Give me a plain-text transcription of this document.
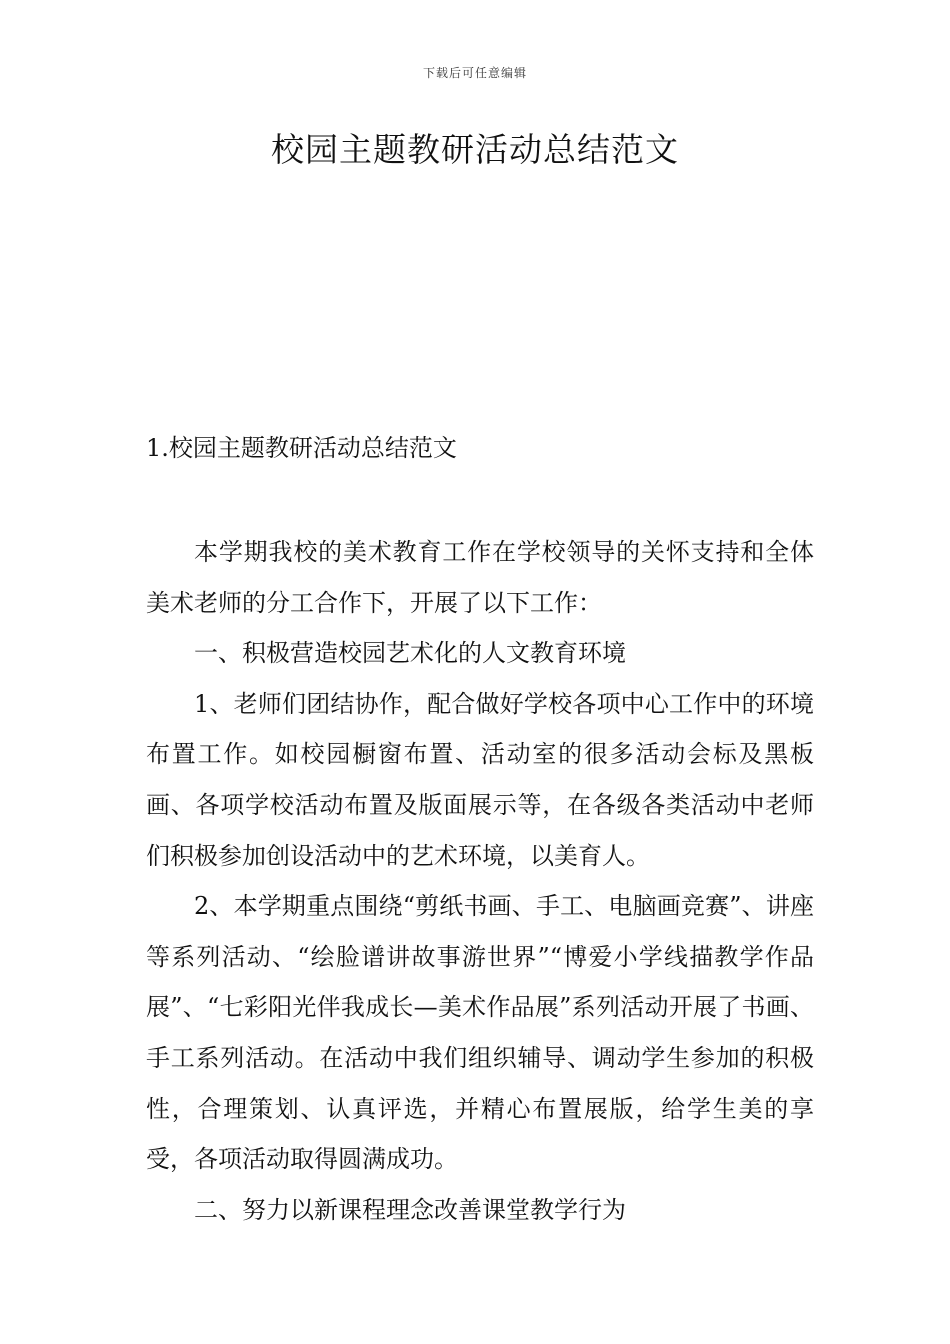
下载后可任意编辑
校园主题教研活动总结范文
1.校园主题教研活动总结范文

本学期我校的美术教育工作在学校领导的关怀支持和全体美术老师的分工合作下，开展了以下工作：

一、积极营造校园艺术化的人文教育环境

1、老师们团结协作，配合做好学校各项中心工作中的环境布置工作。如校园橱窗布置、活动室的很多活动会标及黑板画、各项学校活动布置及版面展示等，在各级各类活动中老师们积极参加创设活动中的艺术环境，以美育人。

2、本学期重点围绕“剪纸书画、手工、电脑画竞赛”、讲座等系列活动、“绘脸谱讲故事游世界”“博爱小学线描教学作品展”、“七彩阳光伴我成长—美术作品展”系列活动开展了书画、手工系列活动。在活动中我们组织辅导、调动学生参加的积极性，合理策划、认真评选，并精心布置展版，给学生美的享受，各项活动取得圆满成功。

二、努力以新课程理念改善课堂教学行为
